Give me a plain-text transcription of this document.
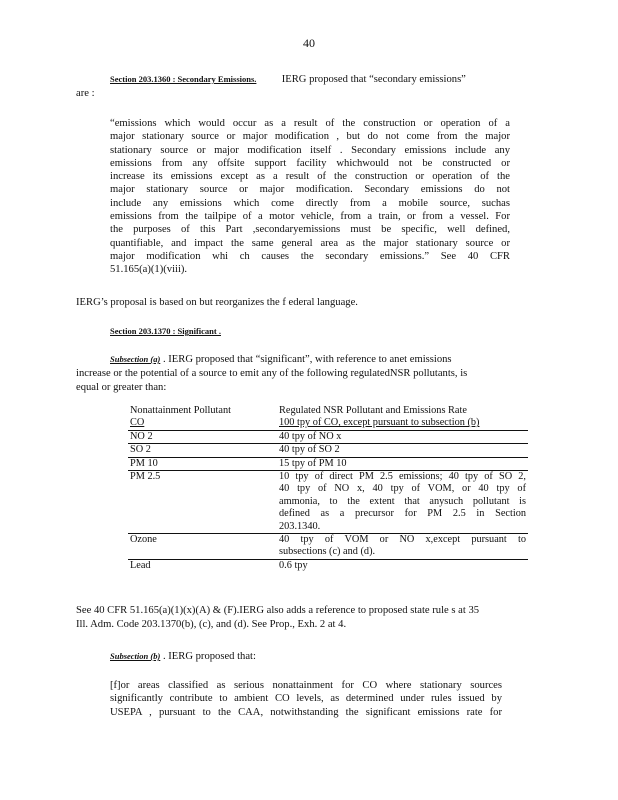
40
Section 203.1360 : Secondary Emissions. IERG proposed that “secondary emissions”
are :
“emissions which would occur as a result of the construction or operation of a
major stationary source or major modification , but do not come from the major
stationary source or major modification itself . Secondary emissions include any
emissions from any offsite support facility whichwould not be constructed or
increase its emissions except as a result of the construction or operation of the
major stationary source or major modification. Secondary emissions do not
include any emissions which come directly from a mobile source, suchas
emissions from the tailpipe of a motor vehicle, from a train, or from a vessel. For
the purposes of this Part ,secondaryemissions must be specific, well defined,
quantifiable, and impact the same general area as the major stationary source or
major modification whi ch causes the secondary emissions.” See 40 CFR
51.165(a)(1)(viii).
IERG’s proposal is based on but reorganizes the f ederal language.
Section 203.1370 : Significant .
Subsection (a) . IERG proposed that “significant”, with reference to anet emissions
increase or the potential of a source to emit any of the following regulatedNSR pollutants, is
equal or greater than:
Nonattainment Pollutant	Regulated NSR Pollutant and Emissions Rate
CO	100 tpy of CO, except pursuant to subsection (b)
NO 2	40 tpy of NO x
SO 2	40 tpy of SO 2
PM 10	15 tpy of PM 10
PM 2.5	10 tpy of direct PM 2.5 emissions; 40 tpy of SO 2,
40 tpy of NO x, 40 tpy of VOM, or 40 tpy of
ammonia, to the extent that anysuch pollutant is
defined as a precursor for PM 2.5 in Section
203.1340.

Ozone	40 tpy of VOM or NO x,except pursuant to
subsections (c) and (d).

Lead	0.6 tpy
See 40 CFR 51.165(a)(1)(x)(A) & (F).IERG also adds a reference to proposed state rule s at 35
Ill. Adm. Code 203.1370(b), (c), and (d). See Prop., Exh. 2 at 4.
Subsection (b) . IERG proposed that:
[f]or areas classified as serious nonattainment for CO where stationary sources
significantly contribute to ambient CO levels, as determined under rules issued by
USEPA , pursuant to the CAA, notwithstanding the significant emissions rate for
